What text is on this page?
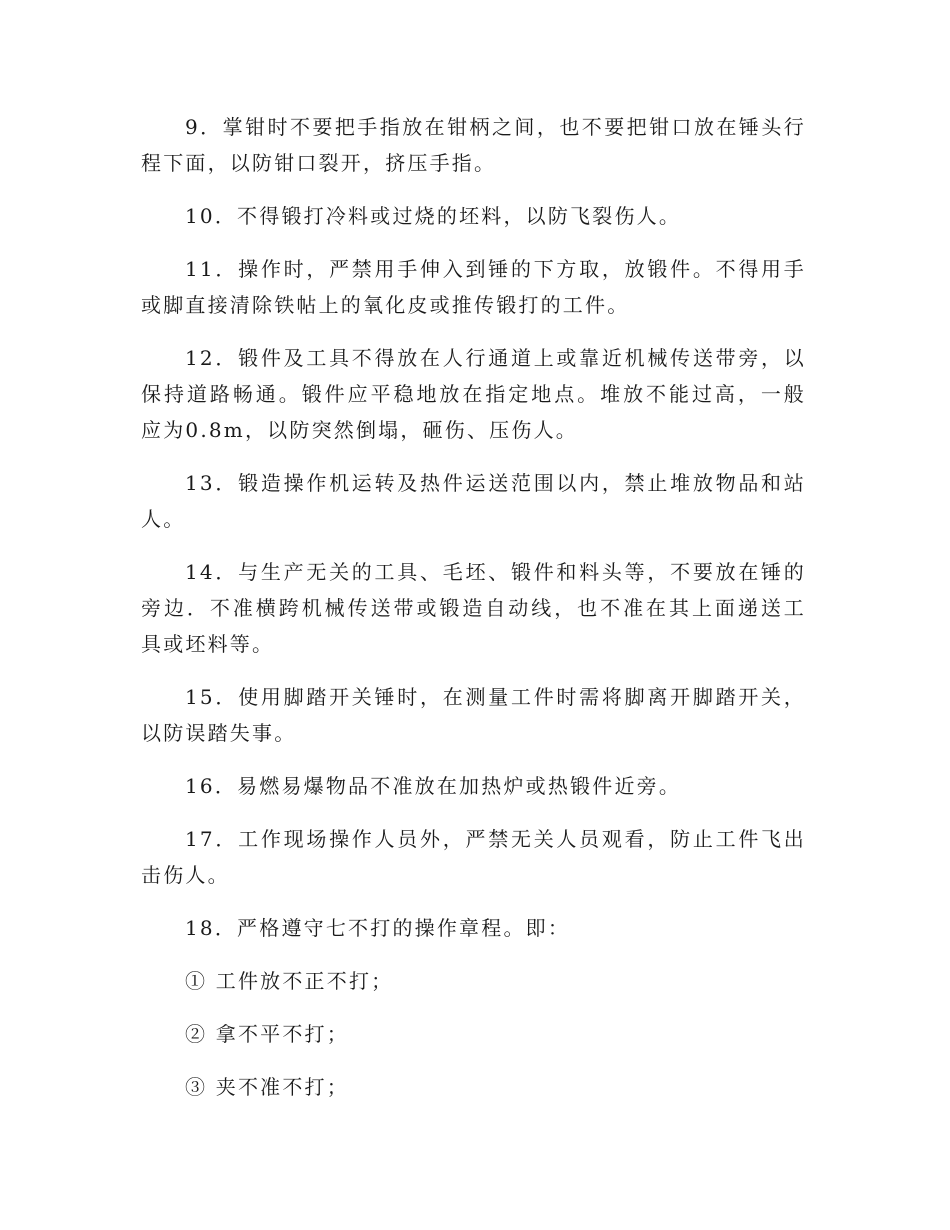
9．掌钳时不要把手指放在钳柄之间，也不要把钳口放在锤头行程下面，以防钳口裂开，挤压手指。

10．不得锻打冷料或过烧的坯料，以防飞裂伤人。

11．操作时，严禁用手伸入到锤的下方取，放锻件。不得用手或脚直接清除铁帖上的氧化皮或推传锻打的工件。

12．锻件及工具不得放在人行通道上或靠近机械传送带旁，以保持道路畅通。锻件应平稳地放在指定地点。堆放不能过高，一般应为0.8m，以防突然倒塌，砸伤、压伤人。

13．锻造操作机运转及热件运送范围以内，禁止堆放物品和站人。

14．与生产无关的工具、毛坯、锻件和料头等，不要放在锤的旁边．不准横跨机械传送带或锻造自动线，也不准在其上面递送工具或坯料等。

15．使用脚踏开关锤时，在测量工件时需将脚离开脚踏开关，以防误踏失事。

16．易燃易爆物品不准放在加热炉或热锻件近旁。

17．工作现场操作人员外，严禁无关人员观看，防止工件飞出击伤人。

18．严格遵守七不打的操作章程。即：

① 工件放不正不打；

② 拿不平不打；

③ 夹不准不打；
